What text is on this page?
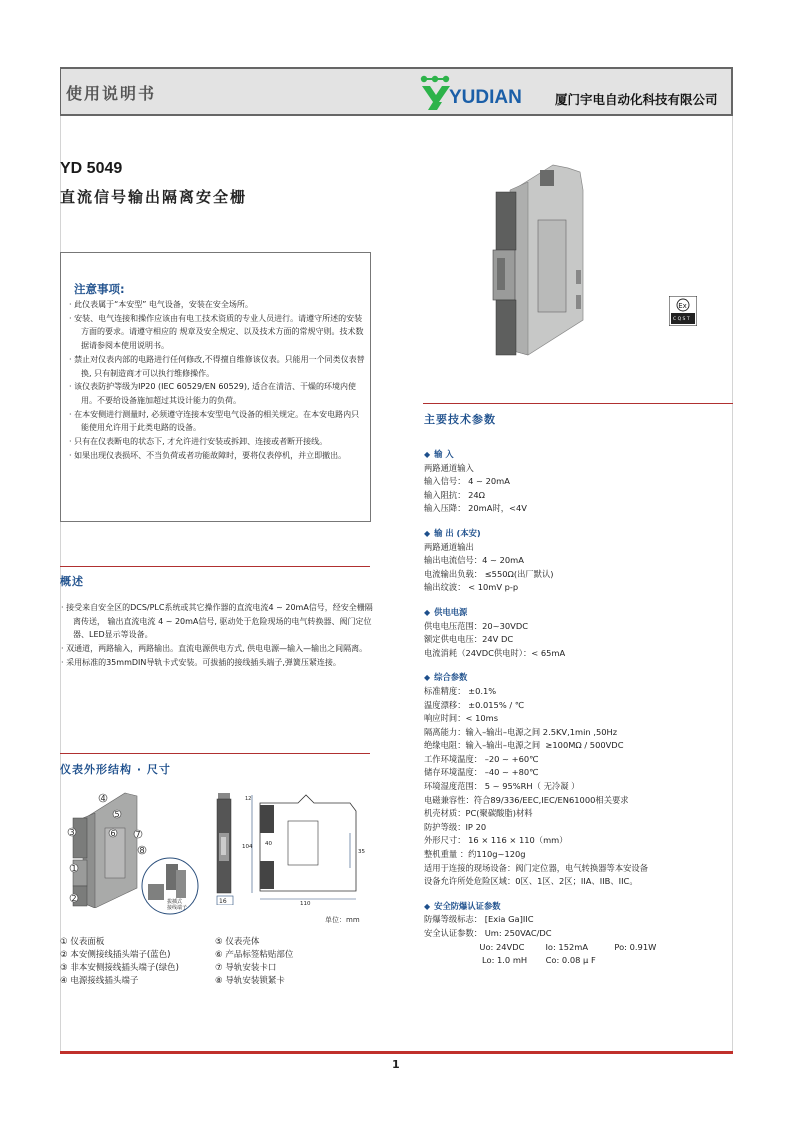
使用说明书	YUDIAN	厦门宇电自动化科技有限公司
YD 5049
直流信号输出隔离安全栅
注意事项:
· 此仪表属于“本安型” 电气设备，安装在安全场所。
· 安装、电气连接和操作应该由有电工技术资质的专业人员进行。请遵守所述的安装方面的要求。请遵守相应的 规章及安全规定、以及技术方面的常规守则。技术数据请参阅本使用说明书。
· 禁止对仪表内部的电路进行任何修改,不得擅自维修该仪表。只能用一个同类仪表替换, 只有制造商才可以执行维修操作。
· 该仪表防护等级为IP20 (IEC 60529/EN 60529), 适合在清洁、干燥的环境内使用。不要给设备施加超过其设计能力的负荷。
· 在本安侧进行测量时, 必须遵守连接本安型电气设备的相关规定。在本安电路内只能使用允许用于此类电路的设备。
· 只有在仪表断电的状态下, 才允许进行安装或拆卸、连接或者断开接线。
· 如果出现仪表损坏、不当负荷或者功能故障时，要将仪表停机，并立即撤出。
概述
· 接受来自安全区的DCS/PLC系统或其它操作器的直流电流4 ~ 20mA信号，经安全栅隔离传送， 输出直流电流 4 ~ 20mA信号, 驱动处于危险现场的电气转换器、阀门定位器、LED显示等设备。
· 双通道，两路输入，两路输出。直流电源供电方式, 供电电源—输入—输出之间隔离。
· 采用标准的35mmDIN导轨卡式安装。可拔插的接线插头端子,弹簧压紧连接。
仪表外形结构 · 尺寸
4
5
3	6 7
8
1
2	拔插式
接线端子
16	110
104 40
35
12
单位：mm
① 仪表面板	⑤ 仪表壳体
② 本安侧接线插头端子(蓝色)	⑥ 产品标签粘贴部位
③ 非本安侧接线插头端子(绿色)	⑦ 导轨安装卡口
④ 电源接线插头端子	⑧ 导轨安装锁紧卡
Ex
C Q S T
主要技术参数
◆ 输 入
两路通道输入
输入信号： 4 ~ 20mA
输入阻抗： 24Ω
输入压降： 20mA时，<4V
◆ 输 出 (本安)
两路通道输出
输出电流信号：4 ~ 20mA
电流输出负载： ≤550Ω(出厂默认)
输出纹波： < 10mV p-p
◆ 供电电源
供电电压范围：20~30VDC
额定供电电压：24V DC
电流消耗（24VDC供电时）：< 65mA
◆ 综合参数
标准精度： ±0.1%
温度漂移： ±0.015% / ℃
响应时间：< 10ms
隔离能力：输入–输出–电源之间 2.5KV,1min ,50Hz
绝缘电阻：输入–输出–电源之间  ≥100MΩ / 500VDC
工作环境温度： –20 ~ +60℃
储存环境温度： –40 ~ +80℃
环境湿度范围： 5 ~ 95%RH（ 无冷凝 ）
电磁兼容性：符合89/336/EEC,IEC/EN61000相关要求
机壳材质：PC(聚碳酸脂)材料
防护等级：IP 20
外形尺寸： 16 × 116 × 110（mm）
整机重量 ：约110g~120g
适用于连接的现场设备：阀门定位器，电气转换器等本安设备
设备允许所处危险区域：0区、1区、2区；IIA、IIB、IIC。
◆ 安全防爆认证参数
防爆等级标志： [Exia Ga]IIC
安全认证参数： Um: 250VAC/DC
Uo: 24VDC        Io: 152mA          Po: 0.91W
Lo: 1.0 mH       Co: 0.08 μ F
1
